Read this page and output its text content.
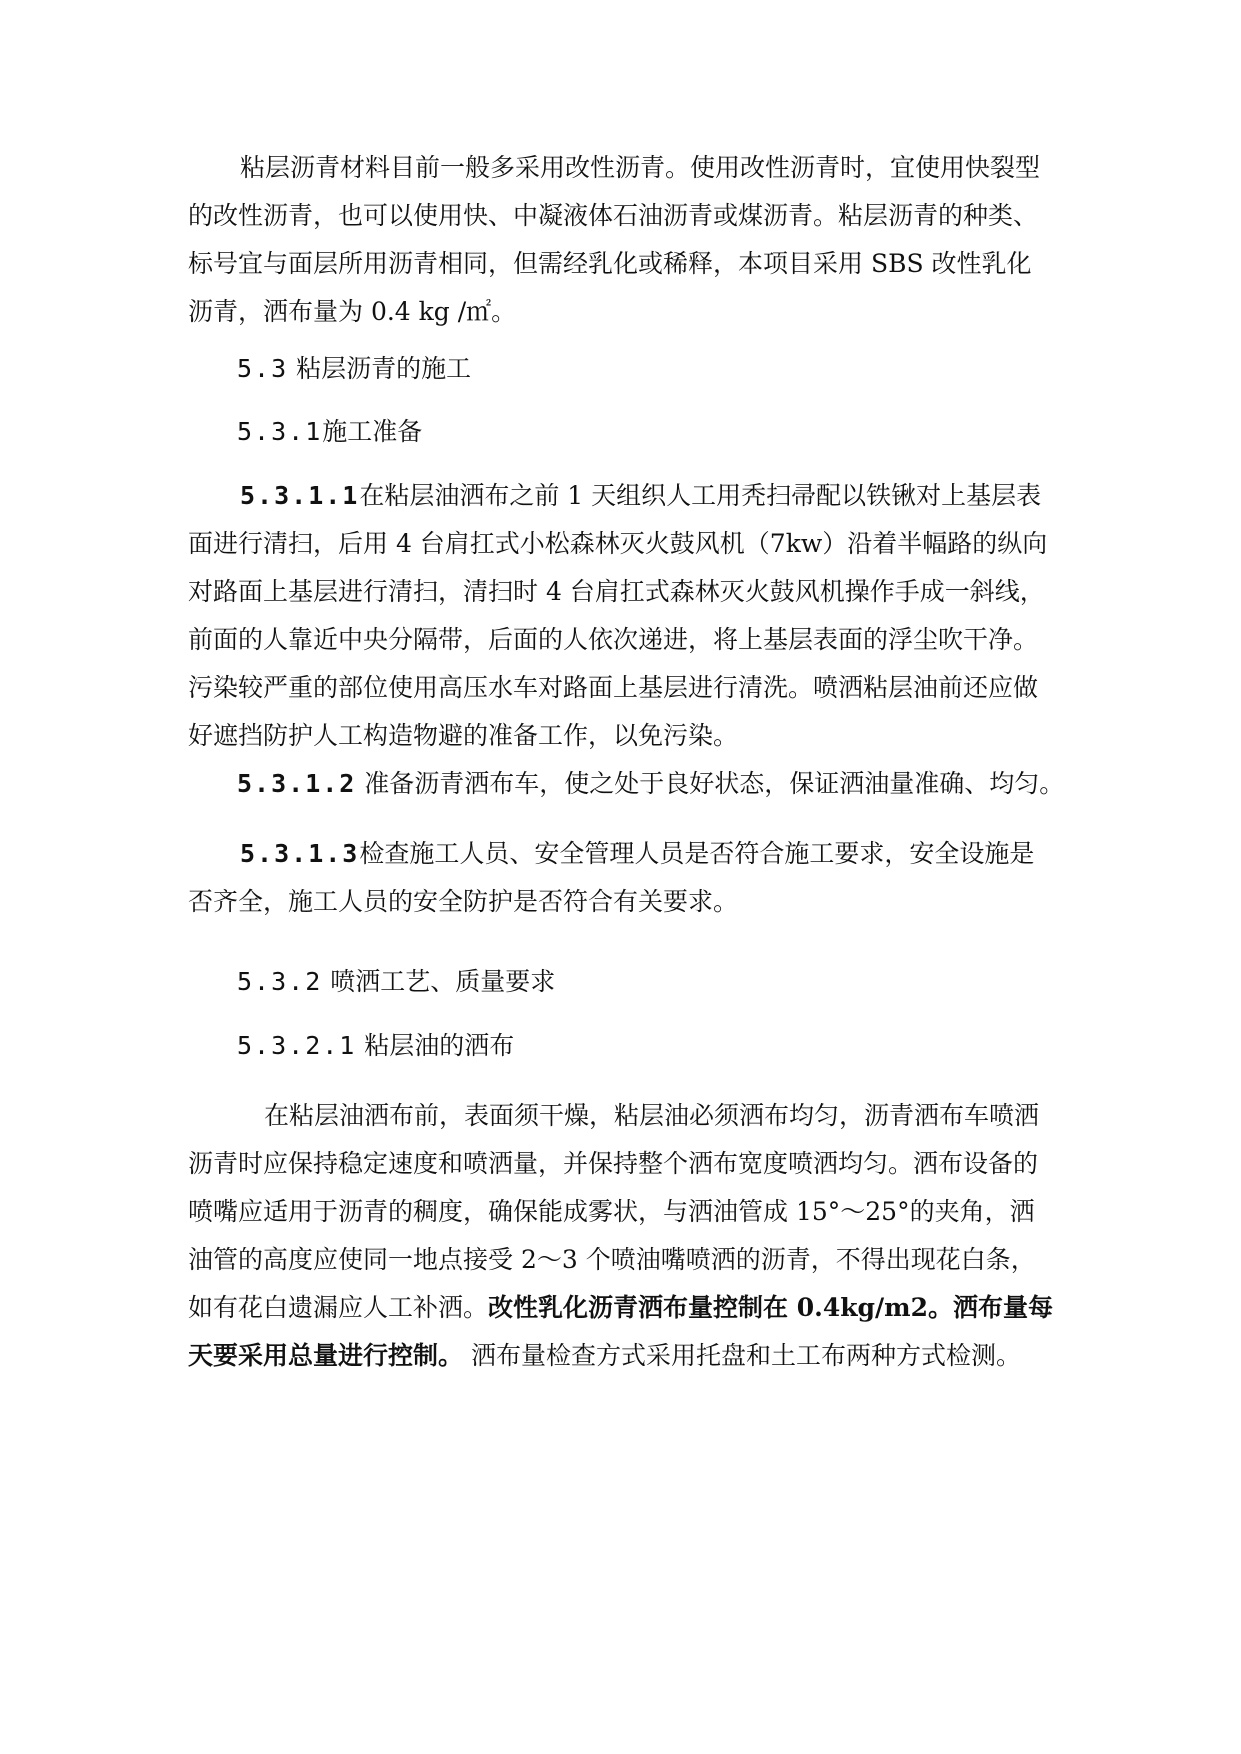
粘层沥青材料目前一般多采用改性沥青。使用改性沥青时，宜使用快裂型的改性沥青，也可以使用快、中凝液体石油沥青或煤沥青。粘层沥青的种类、标号宜与面层所用沥青相同，但需经乳化或稀释，本项目采用 SBS 改性乳化沥青，洒布量为 0.4 kg /㎡。

5.3 粘层沥青的施工

5.3.1施工准备

5.3.1.1在粘层油洒布之前 1 天组织人工用秃扫帚配以铁锹对上基层表面进行清扫，后用 4 台肩扛式小松森林灭火鼓风机（7kw）沿着半幅路的纵向对路面上基层进行清扫，清扫时 4 台肩扛式森林灭火鼓风机操作手成一斜线，前面的人靠近中央分隔带，后面的人依次递进，将上基层表面的浮尘吹干净。污染较严重的部位使用高压水车对路面上基层进行清洗。喷洒粘层油前还应做好遮挡防护人工构造物避的准备工作，以免污染。

5.3.1.2 准备沥青洒布车，使之处于良好状态，保证洒油量准确、均匀。

5.3.1.3检查施工人员、安全管理人员是否符合施工要求，安全设施是否齐全，施工人员的安全防护是否符合有关要求。

5.3.2 喷洒工艺、质量要求

5.3.2.1 粘层油的洒布

在粘层油洒布前，表面须干燥，粘层油必须洒布均匀，沥青洒布车喷洒沥青时应保持稳定速度和喷洒量，并保持整个洒布宽度喷洒均匀。洒布设备的喷嘴应适用于沥青的稠度，确保能成雾状，与洒油管成 15°～25°的夹角，洒油管的高度应使同一地点接受 2～3 个喷油嘴喷洒的沥青，不得出现花白条，如有花白遗漏应人工补洒。改性乳化沥青洒布量控制在 0.4kg/m2。洒布量每天要采用总量进行控制。 洒布量检查方式采用托盘和土工布两种方式检测。
